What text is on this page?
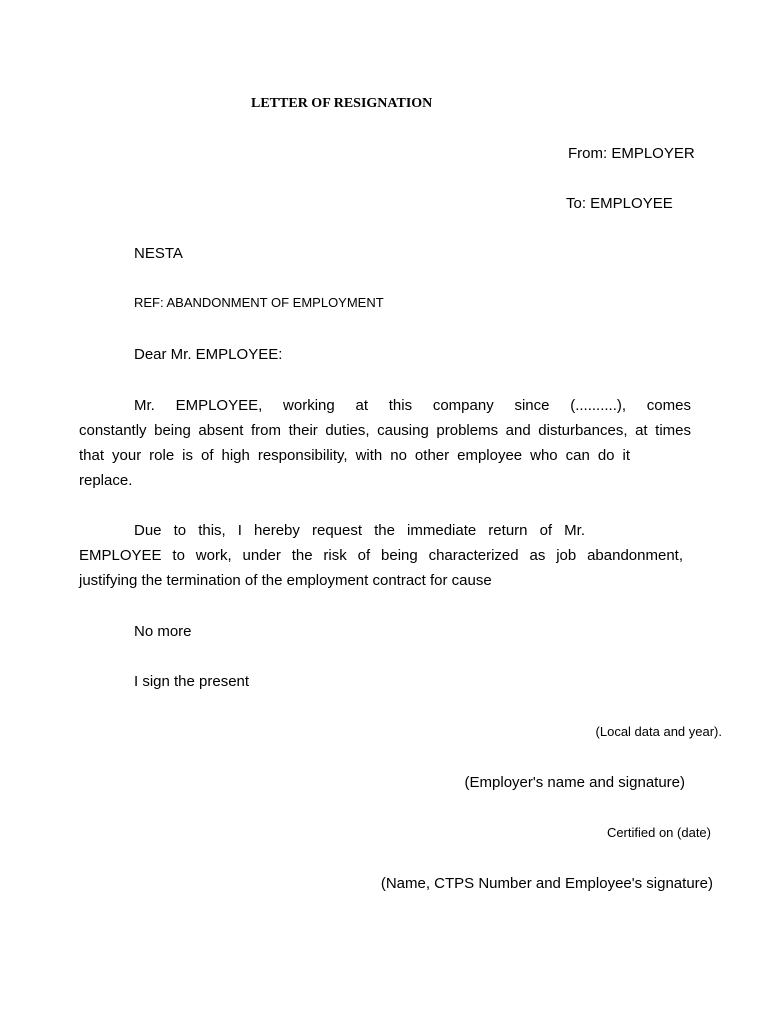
LETTER OF RESIGNATION
From: EMPLOYER
To: EMPLOYEE
NESTA
REF: ABANDONMENT OF EMPLOYMENT
Dear Mr. EMPLOYEE:
Mr. EMPLOYEE, working at this company since (..........), comes
constantly being absent from their duties, causing problems and disturbances, at times
that your role is of high responsibility, with no other employee who can do it
replace.
Due to this, I hereby request the immediate return of Mr.
EMPLOYEE to work, under the risk of being characterized as job abandonment,
justifying the termination of the employment contract for cause
No more
I sign the present
(Local data and year).
(Employer's name and signature)
Certified on (date)
(Name, CTPS Number and Employee's signature)
